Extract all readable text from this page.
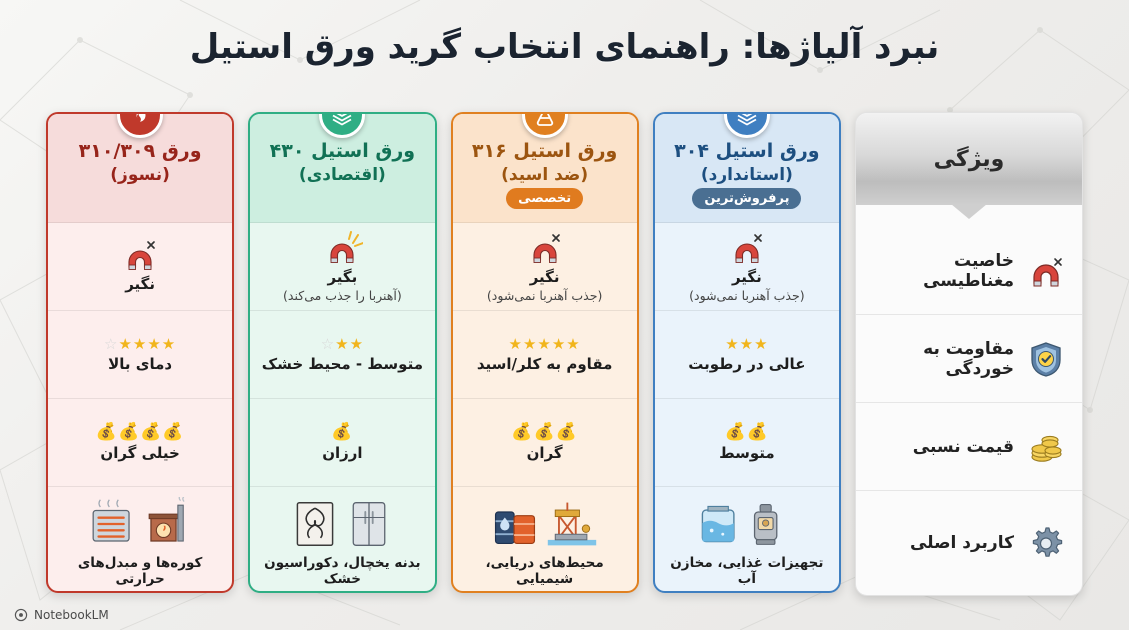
نبرد آلیاژها: راهنمای انتخاب گرید ورق استیل
ویژگی
خاصیت مغناطیسی
مقاومت به خوردگی
قیمت نسبی
کاربرد اصلی
ورق استیل ۳۰۴
(استاندارد)
پرفروش‌ترین
نگیر
(جذب آهنربا نمی‌شود)
★★★
عالی در رطوبت
💰💰
متوسط
تجهیزات غذایی، مخازن آب
ورق استیل ۳۱۶
(ضد اسید)
تخصصی
نگیر
(جذب آهنربا نمی‌شود)
★★★★★
مقاوم به کلر/اسید
💰💰💰
گران
محیط‌های دریایی، شیمیایی
ورق استیل ۴۳۰
(اقتصادی)
بگیر
(آهنربا را جذب می‌کند)
★★☆
متوسط - محیط خشک
💰
ارزان
بدنه یخچال، دکوراسیون خشک
ورق ۳۱۰/۳۰۹
(نسوز)
نگیر
★★★★☆
دمای بالا
💰💰💰💰
خیلی گران
کوره‌ها و مبدل‌های حرارتی
NotebookLM
